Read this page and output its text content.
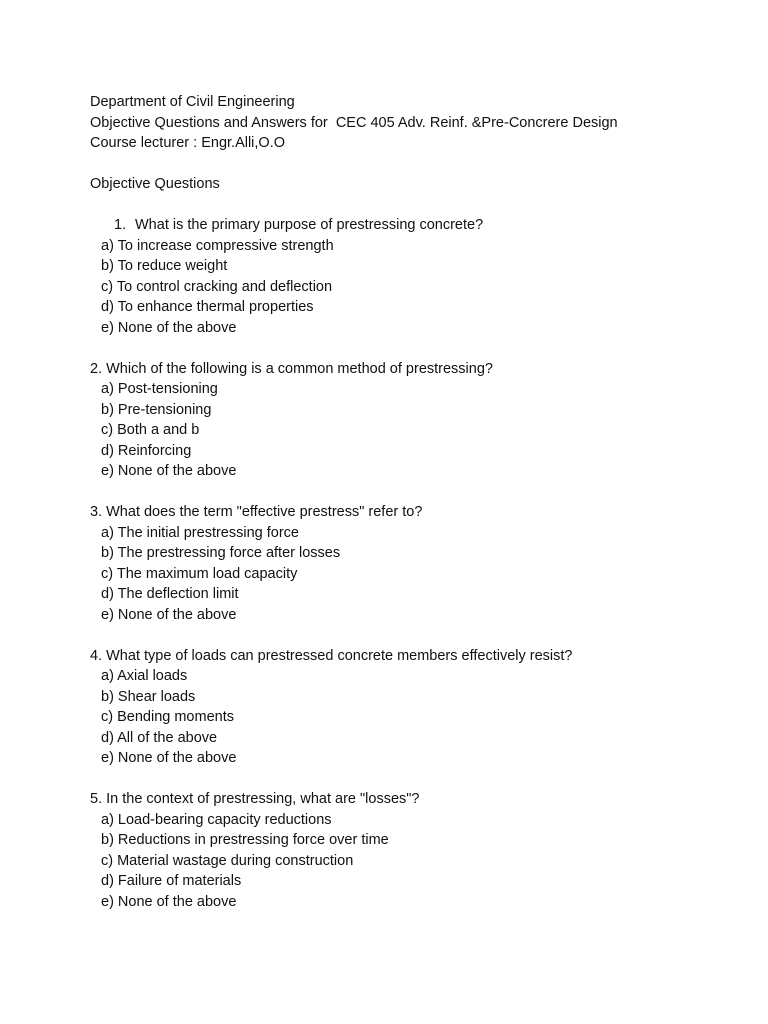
Department of Civil Engineering
Objective Questions and Answers for  CEC 405 Adv. Reinf. &Pre-Concrere Design
Course lecturer : Engr.Alli,O.O
Objective Questions
1. What is the primary purpose of prestressing concrete?
a) To increase compressive strength
b) To reduce weight
c) To control cracking and deflection
d) To enhance thermal properties
e) None of the above
2. Which of the following is a common method of prestressing?
a) Post-tensioning
b) Pre-tensioning
c) Both a and b
d) Reinforcing
e) None of the above
3. What does the term "effective prestress" refer to?
a) The initial prestressing force
b) The prestressing force after losses
c) The maximum load capacity
d) The deflection limit
e) None of the above
4. What type of loads can prestressed concrete members effectively resist?
a) Axial loads
b) Shear loads
c) Bending moments
d) All of the above
e) None of the above
5. In the context of prestressing, what are "losses"?
a) Load-bearing capacity reductions
b) Reductions in prestressing force over time
c) Material wastage during construction
d) Failure of materials
e) None of the above
